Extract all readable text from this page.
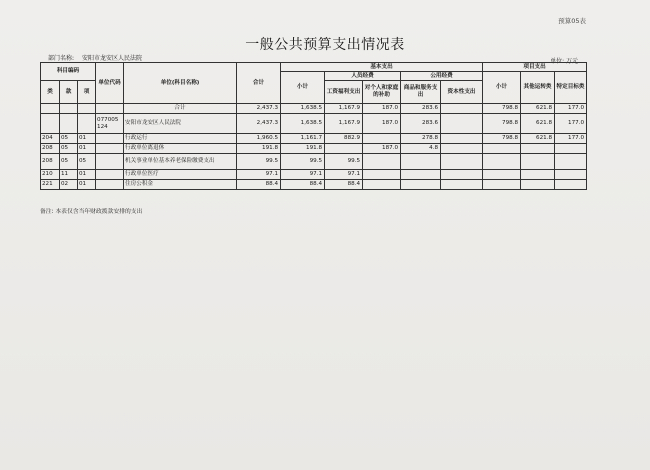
预算05表
一般公共预算支出情况表
部门名称: 安阳市龙安区人民法院	单位: 万元
科目编码			单位代码	单位(科目名称)	合计	基本支出					项目支出		
						小计	人员经费		公用经费		小计	其他运转类	特定目标类
类	款	项					工资福利支出	对个人和家庭的补助	商品和服务支出	资本性支出			
				合计	2,437.3	1,638.5	1,167.9	187.0	283.6		798.8	621.8	177.0
			077005 124	安阳市龙安区人民法院	2,437.3	1,638.5	1,167.9	187.0	283.6		798.8	621.8	177.0
204	05	01		行政运行	1,960.5	1,161.7	882.9		278.8		798.8	621.8	177.0
208	05	01		行政单位离退休	191.8	191.8		187.0	4.8				
208	05	05		机关事业单位基本养老保险缴费支出	99.5	99.5	99.5						
210	11	01		行政单位医疗	97.1	97.1	97.1						
221	02	01		住房公积金	88.4	88.4	88.4						
备注: 本表仅含当年财政拨款安排的支出
